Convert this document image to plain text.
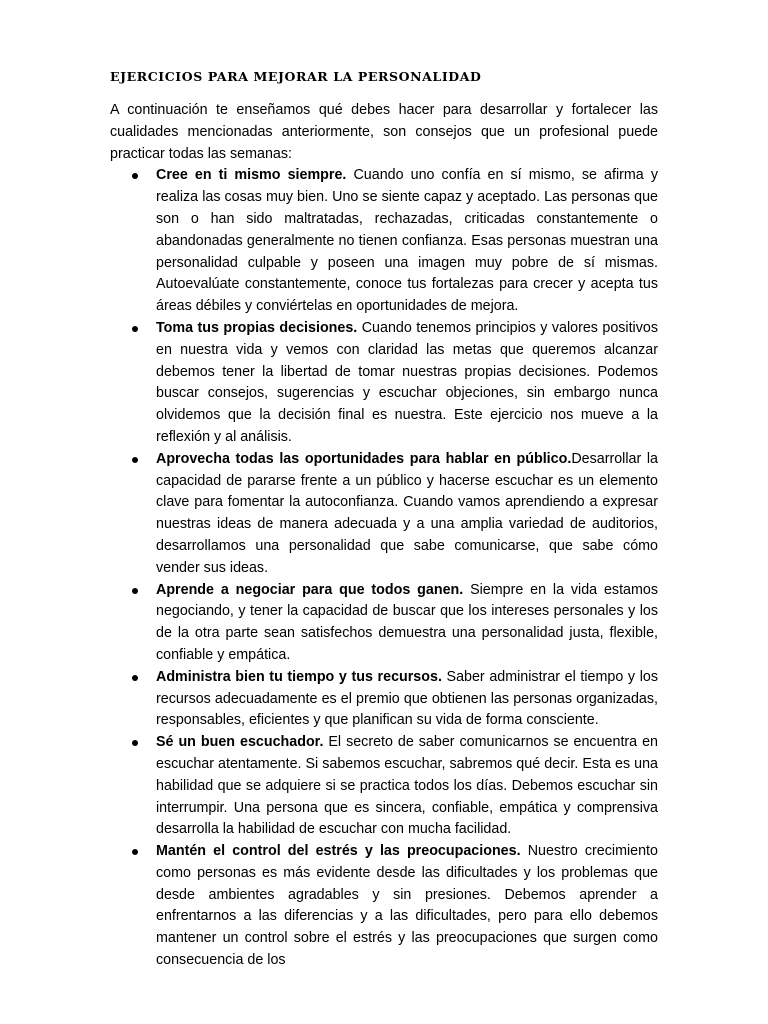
EJERCICIOS PARA MEJORAR LA PERSONALIDAD

A continuación te enseñamos qué debes hacer para desarrollar y fortalecer las cualidades mencionadas anteriormente, son consejos que un profesional puede practicar todas las semanas:

Cree en ti mismo siempre. Cuando uno confía en sí mismo, se afirma y realiza las cosas muy bien. Uno se siente capaz y aceptado. Las personas que son o han sido maltratadas, rechazadas, criticadas constantemente o abandonadas generalmente no tienen confianza. Esas personas muestran una personalidad culpable y poseen una imagen muy pobre de sí mismas. Autoevalúate constantemente, conoce tus fortalezas para crecer y acepta tus áreas débiles y conviértelas en oportunidades de mejora.
Toma tus propias decisiones. Cuando tenemos principios y valores positivos en nuestra vida y vemos con claridad las metas que queremos alcanzar debemos tener la libertad de tomar nuestras propias decisiones. Podemos buscar consejos, sugerencias y escuchar objeciones, sin embargo nunca olvidemos que la decisión final es nuestra. Este ejercicio nos mueve a la reflexión y al análisis.
Aprovecha todas las oportunidades para hablar en público.Desarrollar la capacidad de pararse frente a un público y hacerse escuchar es un elemento clave para fomentar la autoconfianza. Cuando vamos aprendiendo a expresar nuestras ideas de manera adecuada y a una amplia variedad de auditorios, desarrollamos una personalidad que sabe comunicarse, que sabe cómo vender sus ideas.
Aprende a negociar para que todos ganen. Siempre en la vida estamos negociando, y tener la capacidad de buscar que los intereses personales y los de la otra parte sean satisfechos demuestra una personalidad justa, flexible, confiable y empática.
Administra bien tu tiempo y tus recursos. Saber administrar el tiempo y los recursos adecuadamente es el premio que obtienen las personas organizadas, responsables, eficientes y que planifican su vida de forma consciente.
Sé un buen escuchador. El secreto de saber comunicarnos se encuentra en escuchar atentamente. Si sabemos escuchar, sabremos qué decir. Esta es una habilidad que se adquiere si se practica todos los días. Debemos escuchar sin interrumpir. Una persona que es sincera, confiable, empática y comprensiva desarrolla la habilidad de escuchar con mucha facilidad.
Mantén el control del estrés y las preocupaciones. Nuestro crecimiento como personas es más evidente desde las dificultades y los problemas que desde ambientes agradables y sin presiones. Debemos aprender a enfrentarnos a las diferencias y a las dificultades, pero para ello debemos mantener un control sobre el estrés y las preocupaciones que surgen como consecuencia de los
